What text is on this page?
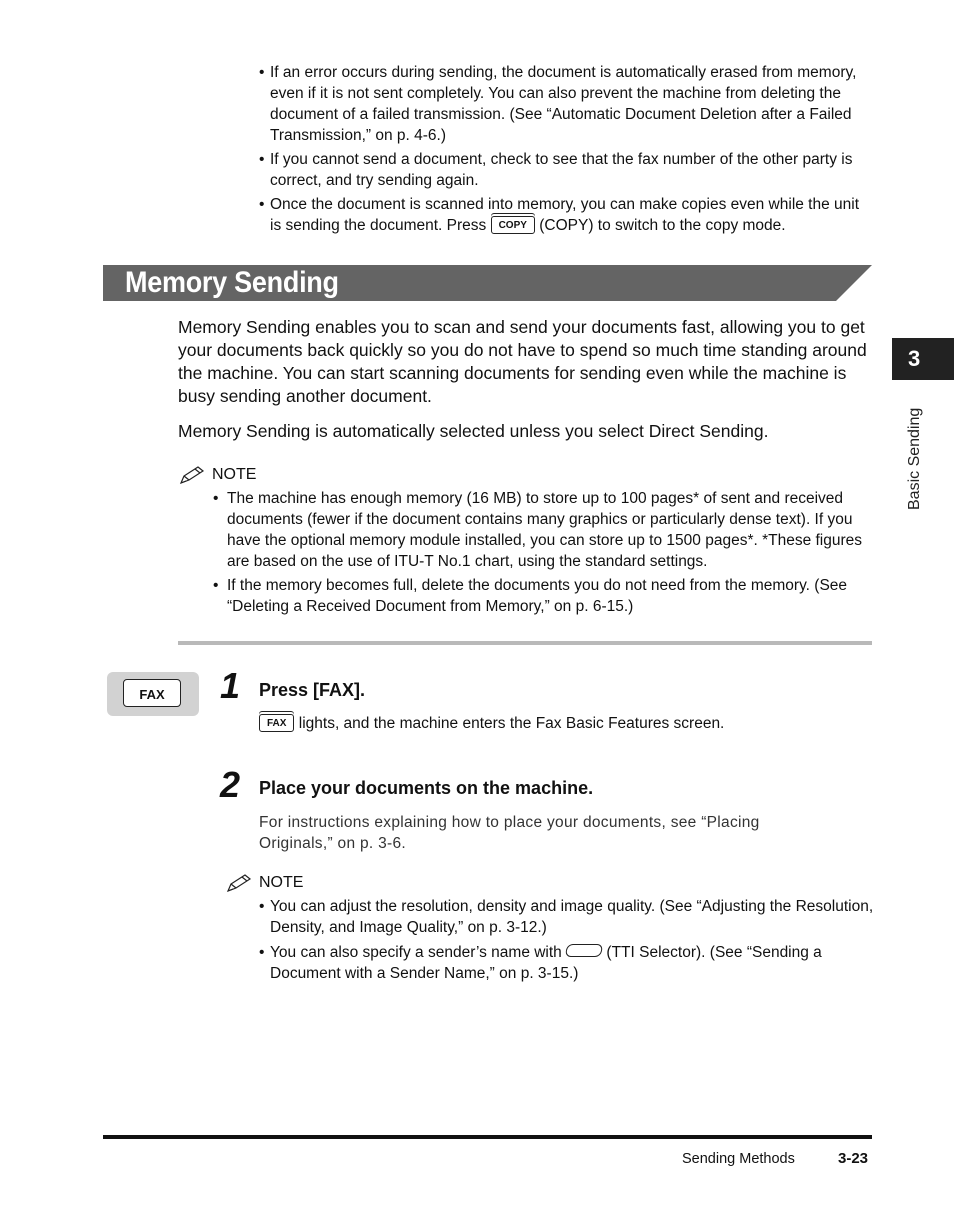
• If an error occurs during sending, the document is automatically erased from memory, even if it is not sent completely. You can also prevent the machine from deleting the document of a failed transmission. (See “Automatic Document Deletion after a Failed Transmission,” on p. 4-6.)
• If you cannot send a document, check to see that the fax number of the other party is correct, and try sending again.
• Once the document is scanned into memory, you can make copies even while the unit is sending the document. Press COPY (COPY) to switch to the copy mode.
Memory Sending
3
Basic Sending
Memory Sending enables you to scan and send your documents fast, allowing you to get your documents back quickly so you do not have to spend so much time standing around the machine. You can start scanning documents for sending even while the machine is busy sending another document.
Memory Sending is automatically selected unless you select Direct Sending.
NOTE
• The machine has enough memory (16 MB) to store up to 100 pages* of sent and received documents (fewer if the document contains many graphics or particularly dense text). If you have the optional memory module installed, you can store up to 1500 pages*. *These figures are based on the use of ITU-T No.1 chart, using the standard settings.
• If the memory becomes full, delete the documents you do not need from the memory. (See “Deleting a Received Document from Memory,” on p. 6-15.)
FAX	1 Press [FAX].
FAX lights, and the machine enters the Fax Basic Features screen.
2 Place your documents on the machine.
For instructions explaining how to place your documents, see “Placing Originals,” on p. 3-6.
NOTE
• You can adjust the resolution, density and image quality. (See “Adjusting the Resolution, Density, and Image Quality,” on p. 3-12.)
• You can also specify a sender’s name with  (TTI Selector). (See “Sending a Document with a Sender Name,” on p. 3-15.)
Sending Methods	3-23
